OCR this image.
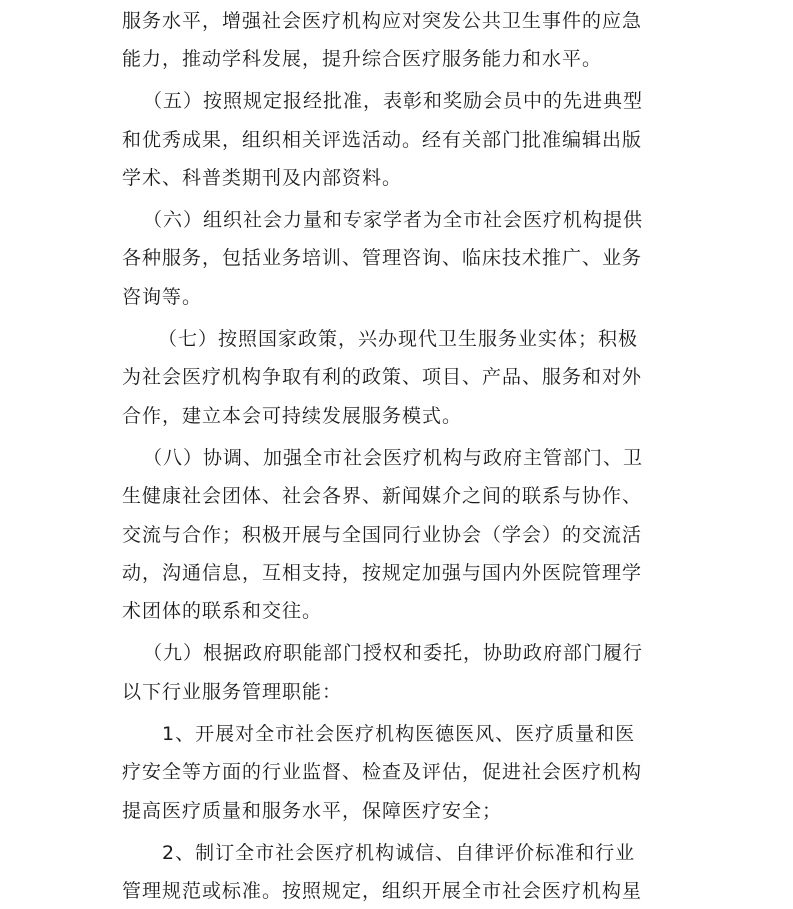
服务水平，增强社会医疗机构应对突发公共卫生事件的应急
能力，推动学科发展，提升综合医疗服务能力和水平。
（五）按照规定报经批准，表彰和奖励会员中的先进典型
和优秀成果，组织相关评选活动。经有关部门批准编辑出版
学术、科普类期刊及内部资料。
（六）组织社会力量和专家学者为全市社会医疗机构提供
各种服务，包括业务培训、管理咨询、临床技术推广、业务
咨询等。
（七）按照国家政策，兴办现代卫生服务业实体；积极
为社会医疗机构争取有利的政策、项目、产品、服务和对外
合作，建立本会可持续发展服务模式。
（八）协调、加强全市社会医疗机构与政府主管部门、卫
生健康社会团体、社会各界、新闻媒介之间的联系与协作、
交流与合作；积极开展与全国同行业协会（学会）的交流活
动，沟通信息，互相支持，按规定加强与国内外医院管理学
术团体的联系和交往。
（九）根据政府职能部门授权和委托，协助政府部门履行
以下行业服务管理职能：
1、开展对全市社会医疗机构医德医风、医疗质量和医
疗安全等方面的行业监督、检查及评估，促进社会医疗机构
提高医疗质量和服务水平，保障医疗安全；
2、制订全市社会医疗机构诚信、自律评价标准和行业
管理规范或标准。按照规定，组织开展全市社会医疗机构星
